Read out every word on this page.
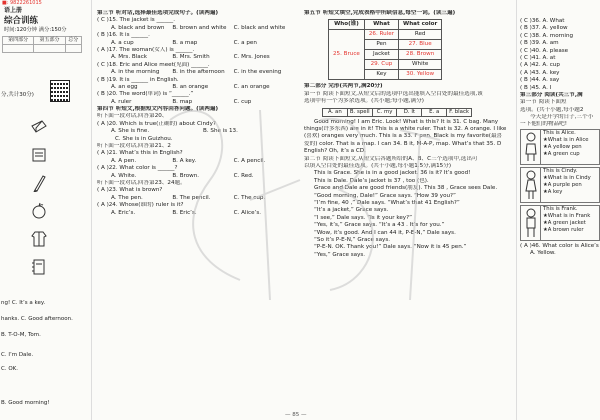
■: 9822261015
语上册
综合训练
时间:120分钟 满分:150分
第四部分	第五部分	总分

分,共计30分)
ng! C. It’s a key.
hanks. C. Good afternoon.
B. T-O-M, Tom.
C. I’m Dale.
C. OK.
B. Good morning!
第三节 听对话,选择最佳选项完成句子。(读两遍)
( C )15. The jacket is ______.
A. black and brown	B. brown and white	C. black and white
( B )16. It is ______.
A. a cup	B. a map	C. a pen
( A )17. The woman(女人) is ______.
A. Mrs. Black	B. Mrs. Smith	C. Mrs. Jones
( C )18. Eric and Alice meet(见面) ______.
A. in the morning	B. in the afternoon	C. in the evening
( B )19. It is ______ in English.
A. an egg	B. an orange	C. an orange
( B )20. The word(单词) is “______.”
A. ruler	B. map	C. cup
第四节 听短文,根据短文内容回答问题。(读两遍)
听下面一段对话,回答第20、
( A )20. Which is true(正确的) about Cindy?
A. She is fine.	B. She is 13.
C. She is in Guizhou.
听下面一段对话,回答第21、2
( A )21. What’s this in English?
A. A pen.	B. A key.	C. A pencil.
( A )22. What color is ______?
A. White.	B. Brown.	C. Red.
听下面一段对话,回答第23、24题。
( A )23. What is brown?
A. The pen.	B. The pencil.	C. The cup.
( A )24. Whose(谁的) ruler is it?
A. Eric’s.	B. Eric’s.	C. Alice’s.
第五节 听短文填空,完成表格中所缺信息,每空一词。(读三遍)
Who(谁)	What	What color
25. Bruce	26. Ruler	Red
	Pen	27. Blue
	Jacket	28. Brown
	29. Cup	White
	Key	30. Yellow
第二部分 完形(共两节,满20分)
第一节 阅读下面短文,从短文后的选项中选出能填入空白处的最佳选项,该
选项中有一个为多余选项。(共小题;每小题,满分)
A. an	B. spell	C. my	D. It	E. a	F. black
Good morning! I am Eric. Look! What is this? It is 31. C bag. Many
things(许多东西) are in it! This is a white ruler. That is 32. A orange. I like
(喜欢) oranges very much. This is a 33. F pen. Black is my favorite(最喜
爱的) color. That is a map. I can 34. B it, M-A-P, map. What’s that 35. D
English? Oh, it’s a CD.
第二节 阅读下面短文,从短文后各题所给的A、B、C三个选项中,选出可
以填入空白处的最佳选项。(共十小题,每小题1.5分,满15分)
This is Grace. She is in a good jacket. 36 is it? It’s good!
This is Dale. Dale’s jacket is 37 , too (也).
Grace and Dale are good friends(朋友). This 38 , Grace sees Dale.
“Good morning, Dale!” Grace says. “How 39 you?”
“I’m fine, 40 ,” Dale says. “What’s that 41 English?”
“It’s a jacket,” Grace says.
“I see,” Dale says. “Is it your key?”
“Yes, it’s,” Grace says. “It’s a 43 . It’s for you.”
“Wow, it’s good. And I can 44 it, P-E-N,” Dale says.
“So it’s P-E-N,” Grace says.
“P-E-N. OK. Thank you!” Dale says. “Now it is 45 pen.”
“Yes,” Grace says.
( C )36. A. What
( B )37. A. yellow
( C )38. A. morning
( B )39. A. am
( C )40. A. please
( C )41. A. at
( A )42. A. cup
( A )43. A. key
( B )44. A. say
( B )45. A. I
第三部分 阅读(共三节,满
第一节 阅读下面短
选项。(共十小题,每小题2
今天是开学的日子,三个小
一下他们的物品吧!
This is Alice.
★What is in Alice
★A yellow pen
★A green cup
This is Cindy.
★What is in Cindy
★A purple pen
★A key
This is Frank.
★What is in Frank
★A green jacket
★A brown ruler
( A )46. What color is Alice’s
A. Yellow.
— 85 —
